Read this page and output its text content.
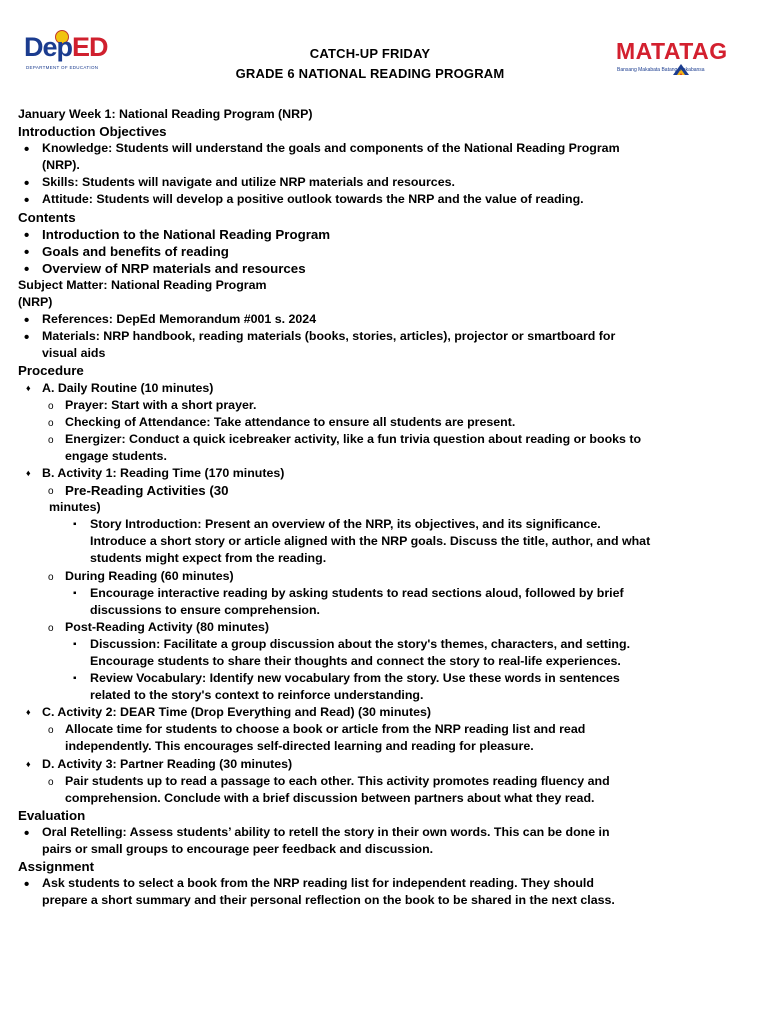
DepED
DEPARTMENT OF EDUCATION
CATCH-UP FRIDAY
GRADE 6 NATIONAL READING PROGRAM
MATATAG
Bansang Makabata Batang Makabansa
January Week 1: National Reading Program (NRP)
Introduction Objectives
• Knowledge: Students will understand the goals and components of the National Reading Program
(NRP).
• Skills: Students will navigate and utilize NRP materials and resources.
• Attitude: Students will develop a positive outlook towards the NRP and the value of reading.
Contents
• Introduction to the National Reading Program
• Goals and benefits of reading
• Overview of NRP materials and resources
Subject Matter: National Reading Program
(NRP)
• References: DepEd Memorandum #001 s. 2024
• Materials: NRP handbook, reading materials (books, stories, articles), projector or smartboard for
visual aids
Procedure
♦ A. Daily Routine (10 minutes)
o Prayer: Start with a short prayer.
o Checking of Attendance: Take attendance to ensure all students are present.
o Energizer: Conduct a quick icebreaker activity, like a fun trivia question about reading or books to
engage students.
♦ B. Activity 1: Reading Time (170 minutes)
o Pre-Reading Activities (30
minutes)
▪ Story Introduction: Present an overview of the NRP, its objectives, and its significance.
Introduce a short story or article aligned with the NRP goals. Discuss the title, author, and what
students might expect from the reading.
o During Reading (60 minutes)
▪ Encourage interactive reading by asking students to read sections aloud, followed by brief
discussions to ensure comprehension.
o Post-Reading Activity (80 minutes)
▪ Discussion: Facilitate a group discussion about the story's themes, characters, and setting.
Encourage students to share their thoughts and connect the story to real-life experiences.
▪ Review Vocabulary: Identify new vocabulary from the story. Use these words in sentences
related to the story's context to reinforce understanding.
♦ C. Activity 2: DEAR Time (Drop Everything and Read) (30 minutes)
o Allocate time for students to choose a book or article from the NRP reading list and read
independently. This encourages self-directed learning and reading for pleasure.
♦ D. Activity 3: Partner Reading (30 minutes)
o Pair students up to read a passage to each other. This activity promotes reading fluency and
comprehension. Conclude with a brief discussion between partners about what they read.
Evaluation
• Oral Retelling: Assess students’ ability to retell the story in their own words. This can be done in
pairs or small groups to encourage peer feedback and discussion.
Assignment
• Ask students to select a book from the NRP reading list for independent reading. They should
prepare a short summary and their personal reflection on the book to be shared in the next class.
